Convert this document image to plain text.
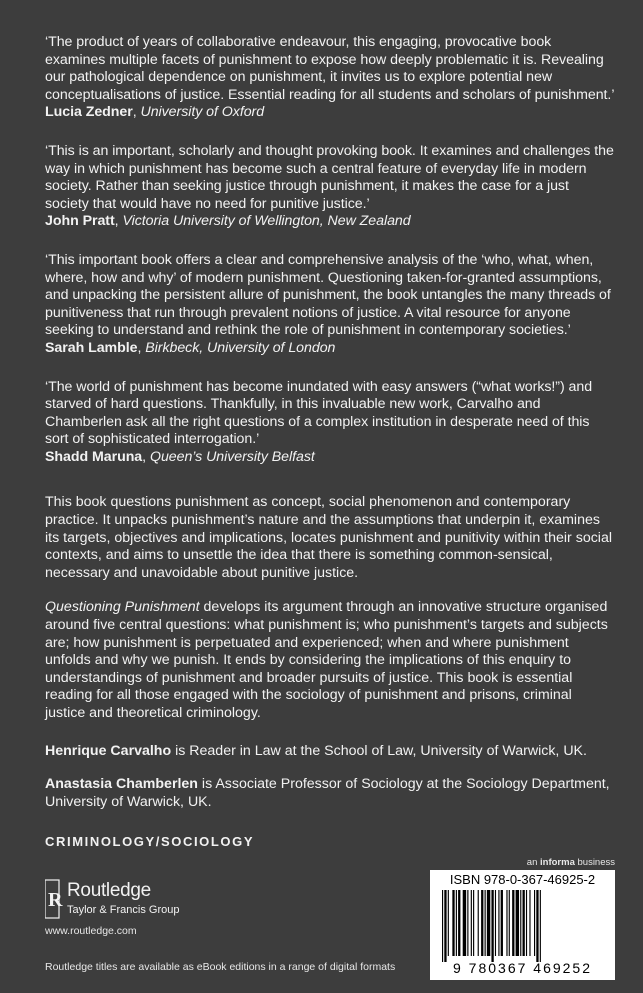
‘The product of years of collaborative endeavour, this engaging, provocative book examines multiple facets of punishment to expose how deeply problematic it is. Revealing our pathological dependence on punishment, it invites us to explore potential new conceptualisations of justice. Essential reading for all students and scholars of punishment.’
Lucia Zedner, University of Oxford
‘This is an important, scholarly and thought provoking book. It examines and challenges the way in which punishment has become such a central feature of everyday life in modern society. Rather than seeking justice through punishment, it makes the case for a just society that would have no need for punitive justice.’
John Pratt, Victoria University of Wellington, New Zealand
‘This important book offers a clear and comprehensive analysis of the ‘who, what, when, where, how and why’ of modern punishment. Questioning taken-for-granted assumptions, and unpacking the persistent allure of punishment, the book untangles the many threads of punitiveness that run through prevalent notions of justice. A vital resource for anyone seeking to understand and rethink the role of punishment in contemporary societies.’
Sarah Lamble, Birkbeck, University of London
‘The world of punishment has become inundated with easy answers (“what works!”) and starved of hard questions. Thankfully, in this invaluable new work, Carvalho and Chamberlen ask all the right questions of a complex institution in desperate need of this sort of sophisticated interrogation.’
Shadd Maruna, Queen’s University Belfast

This book questions punishment as concept, social phenomenon and contemporary practice. It unpacks punishment’s nature and the assumptions that underpin it, examines its targets, objectives and implications, locates punishment and punitivity within their social contexts, and aims to unsettle the idea that there is something common-sensical, necessary and unavoidable about punitive justice.

Questioning Punishment develops its argument through an innovative structure organised around five central questions: what punishment is; who punishment’s targets and subjects are; how punishment is perpetuated and experienced; when and where punishment unfolds and why we punish. It ends by considering the implications of this enquiry to understandings of punishment and broader pursuits of justice. This book is essential reading for all those engaged with the sociology of punishment and prisons, criminal justice and theoretical criminology.

Henrique Carvalho is Reader in Law at the School of Law, University of Warwick, UK.

Anastasia Chamberlen is Associate Professor of Sociology at the Sociology Department, University of Warwick, UK.

CRIMINOLOGY/SOCIOLOGY
an informa business
R Routledge
Taylor & Francis Group
www.routledge.com
Routledge titles are available as eBook editions in a range of digital formats
ISBN 978-0-367-46925-2
9 780367 469252
